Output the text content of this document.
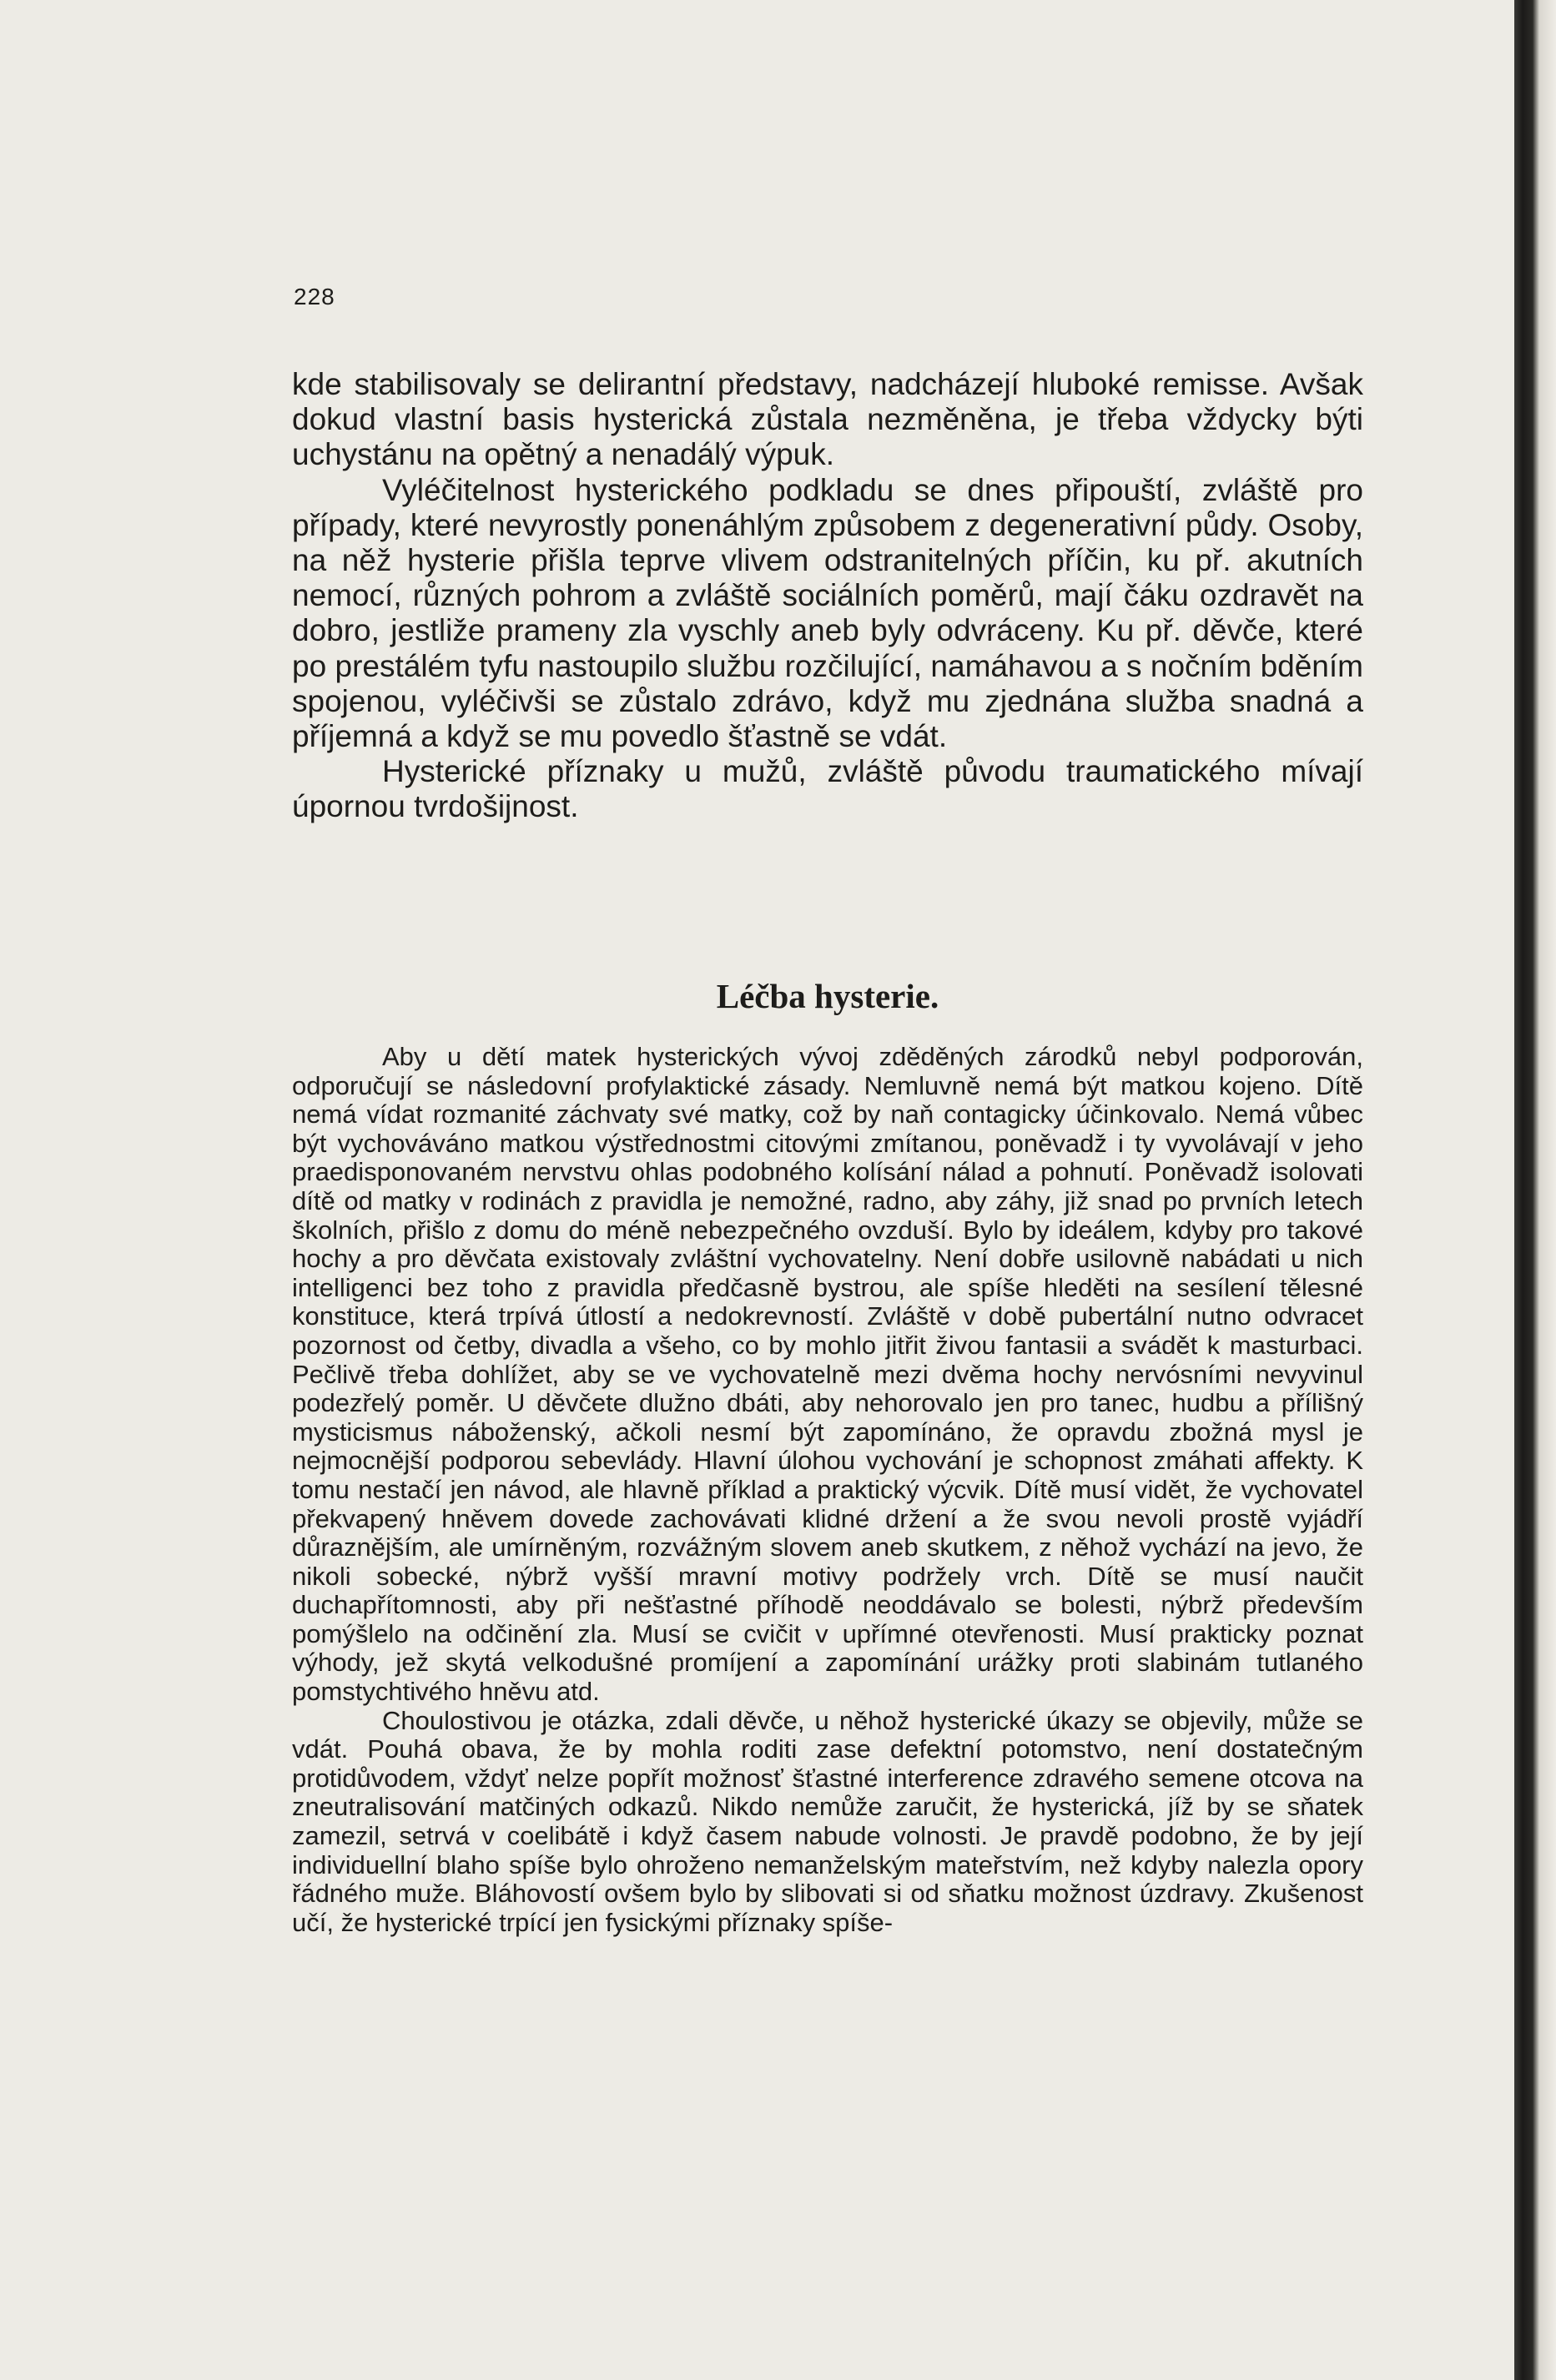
228

kde stabilisovaly se delirantní představy, nadcházejí hluboké remisse. Avšak dokud vlastní basis hysterická zůstala nezměněna, je třeba vždycky býti uchystánu na opětný a nenadálý výpuk.

Vyléčitelnost hysterického podkladu se dnes připouští, zvláště pro případy, které nevyrostly ponenáhlým způsobem z degenerativní půdy. Osoby, na něž hysterie přišla teprve vlivem odstranitelných příčin, ku př. akutních nemocí, různých pohrom a zvláště sociálních poměrů, mají čáku ozdravět na dobro, jestliže prameny zla vyschly aneb byly odvráceny. Ku př. děvče, které po prestálém tyfu nastoupilo službu rozčilující, namáhavou a s nočním bděním spojenou, vyléčivši se zůstalo zdrávo, když mu zjednána služba snadná a příjemná a když se mu povedlo šťastně se vdát.

Hysterické příznaky u mužů, zvláště původu traumatického mívají úpornou tvrdošijnost.

Léčba hysterie.

Aby u dětí matek hysterických vývoj zděděných zárodků nebyl podporován, odporučují se následovní profylaktické zásady. Nemluvně nemá být matkou kojeno. Dítě nemá vídat rozmanité záchvaty své matky, což by naň contagicky účinkovalo. Nemá vůbec být vychováváno matkou výstřednostmi citovými zmítanou, poněvadž i ty vyvolávají v jeho praedisponovaném nervstvu ohlas podobného kolísání nálad a pohnutí. Poněvadž isolovati dítě od matky v rodinách z pravidla je nemožné, radno, aby záhy, již snad po prvních letech školních, přišlo z domu do méně nebezpečného ovzduší. Bylo by ideálem, kdyby pro takové hochy a pro děvčata existovaly zvláštní vychovatelny. Není dobře usilovně nabádati u nich intelligenci bez toho z pravidla předčasně bystrou, ale spíše hleděti na sesílení tělesné konstituce, která trpívá útlostí a nedokrevností. Zvláště v době pubertální nutno odvracet pozornost od četby, divadla a všeho, co by mohlo jitřit živou fantasii a svádět k masturbaci. Pečlivě třeba dohlížet, aby se ve vychovatelně mezi dvěma hochy nervósními nevyvinul podezřelý poměr. U děvčete dlužno dbáti, aby nehorovalo jen pro tanec, hudbu a přílišný mysticismus náboženský, ačkoli nesmí být zapomínáno, že opravdu zbožná mysl je nejmocnější podporou sebevlády. Hlavní úlohou vychování je schopnost zmáhati affekty. K tomu nestačí jen návod, ale hlavně příklad a praktický výcvik. Dítě musí vidět, že vychovatel překvapený hněvem dovede zachovávati klidné držení a že svou nevoli prostě vyjádří důraznějším, ale umírněným, rozvážným slovem aneb skutkem, z něhož vychází na jevo, že nikoli sobecké, nýbrž vyšší mravní motivy podržely vrch. Dítě se musí naučit duchapřítomnosti, aby při nešťastné příhodě neoddávalo se bolesti, nýbrž především pomýšlelo na odčinění zla. Musí se cvičit v upřímné otevřenosti. Musí prakticky poznat výhody, jež skytá velkodušné promíjení a zapomínání urážky proti slabinám tutlaného pomstychtivého hněvu atd.

Choulostivou je otázka, zdali děvče, u něhož hysterické úkazy se objevily, může se vdát. Pouhá obava, že by mohla roditi zase defektní potomstvo, není dostatečným protidůvodem, vždyť nelze popřít možnosť šťastné interference zdravého semene otcova na zneutralisování matčiných odkazů. Nikdo nemůže zaručit, že hysterická, jíž by se sňatek zamezil, setrvá v coelibátě i když časem nabude volnosti. Je pravdě podobno, že by její individuellní blaho spíše bylo ohroženo nemanželským mateřstvím, než kdyby nalezla opory řádného muže. Bláhovostí ovšem bylo by slibovati si od sňatku možnost úzdravy. Zkušenost učí, že hysterické trpící jen fysickými příznaky spíše-
